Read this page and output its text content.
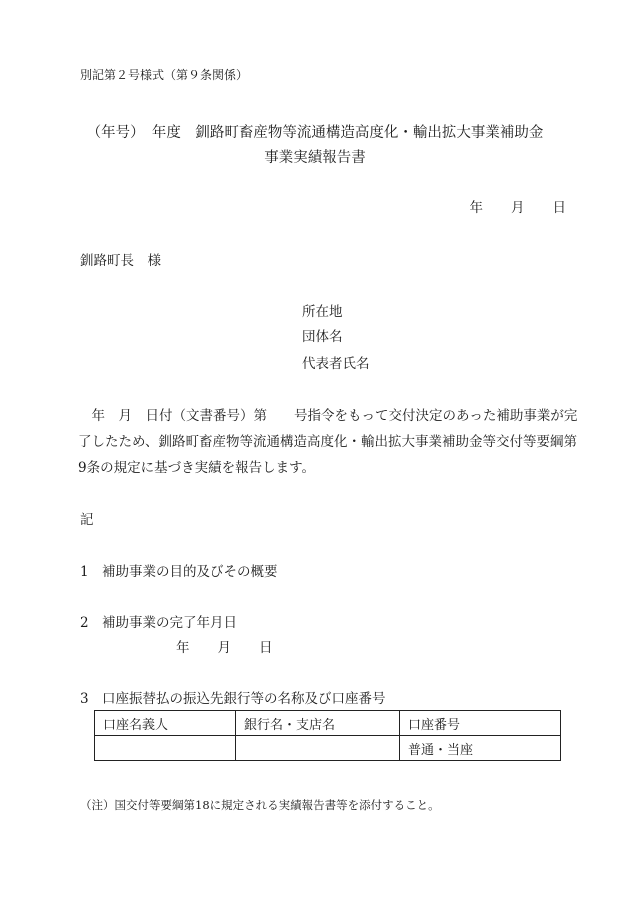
別記第２号様式（第９条関係）
（年号）　年度　釧路町畜産物等流通構造高度化・輸出拡大事業補助金
事業実績報告書
年 月 日
釧路町長　様
所在地
団体名
代表者氏名
　年　月　日付（文書番号）第　　号指令をもって交付決定のあった補助事業が完了したため、釧路町畜産物等流通構造高度化・輸出拡大事業補助金等交付等要綱第9条の規定に基づき実績を報告します。
記
1 補助事業の目的及びその概要
2 補助事業の完了年月日
年 月 日
3 口座振替払の振込先銀行等の名称及び口座番号
口座名義人	銀行名・支店名	口座番号
		普通・当座
（注）国交付等要綱第18に規定される実績報告書等を添付すること。
